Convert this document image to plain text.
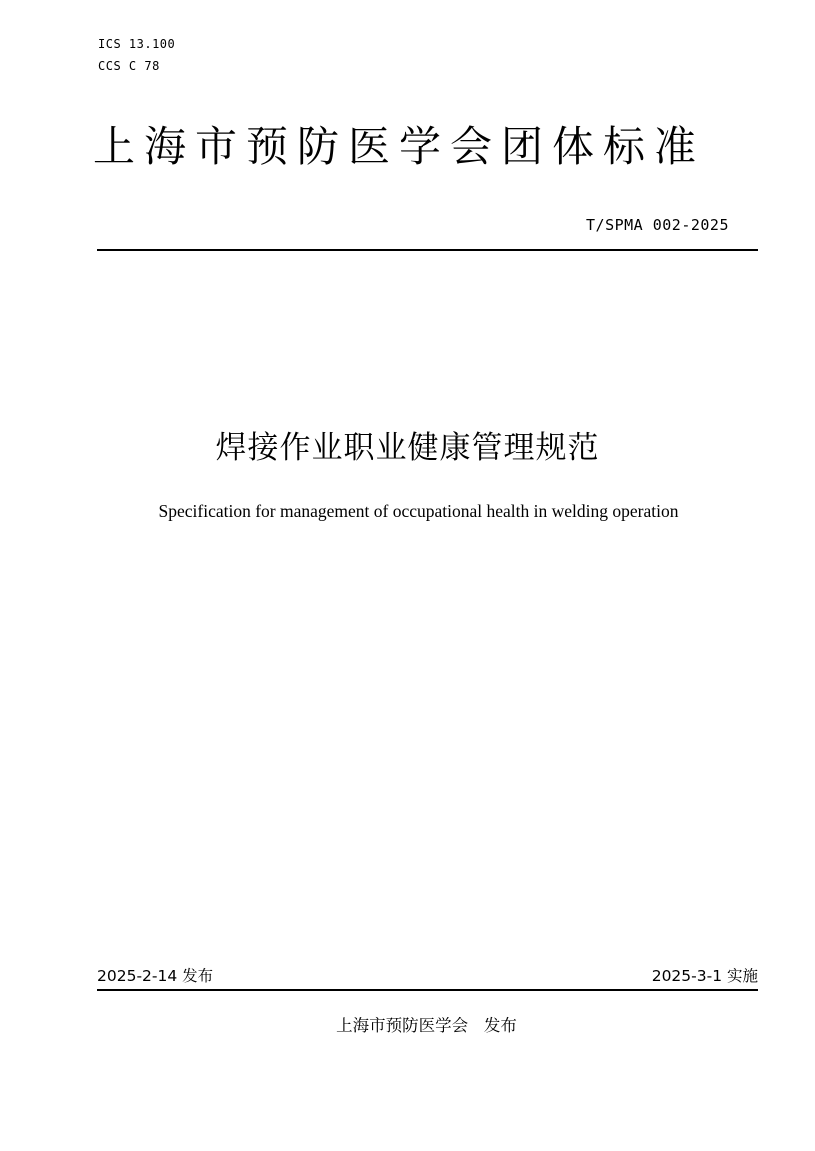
ICS 13.100
CCS C 78
上海市预防医学会团体标准
T/SPMA 002-2025
焊接作业职业健康管理规范
Specification for management of occupational health in welding operation
2025-2-14 发布	2025-3-1 实施
上海市预防医学会   发布
